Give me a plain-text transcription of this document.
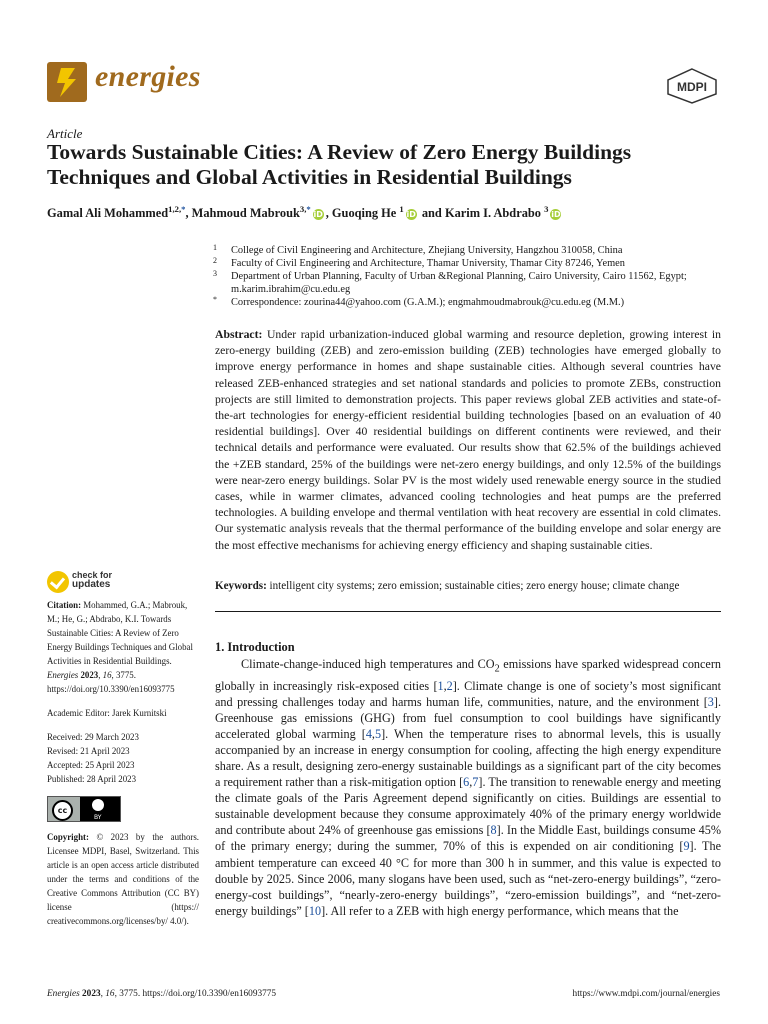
energies	MDPI
Article
Towards Sustainable Cities: A Review of Zero Energy Buildings Techniques and Global Activities in Residential Buildings
Gamal Ali Mohammed$^{1,2,*}$, Mahmoud Mabrouk$^{3,*}$iD , Guoqing He $^1$iD and Karim I. Abdrabo $^3$iD
1 College of Civil Engineering and Architecture, Zhejiang University, Hangzhou 310058, China
2 Faculty of Civil Engineering and Architecture, Thamar University, Thamar City 87246, Yemen
3 Department of Urban Planning, Faculty of Urban &Regional Planning, Cairo University, Cairo 11562, Egypt; m.karim.ibrahim@cu.edu.eg
* Correspondence: zourina44@yahoo.com (G.A.M.); engmahmoudmabrouk@cu.edu.eg (M.M.)
Abstract: Under rapid urbanization-induced global warming and resource depletion, growing interest in zero-energy building (ZEB) and zero-emission building (ZEB) technologies have emerged globally to improve energy performance in homes and shape sustainable cities. Although several countries have released ZEB-enhanced strategies and set national standards and policies to promote ZEBs, construction projects are still limited to demonstration projects. This paper reviews global ZEB activities and state-of-the-art technologies for energy-efficient residential building technologies [based on an evaluation of 40 residential buildings]. Over 40 residential buildings on different continents were reviewed, and their technical details and performance were evaluated. Our results show that 62.5% of the buildings achieved the +ZEB standard, 25% of the buildings were net-zero energy buildings, and only 12.5% of the buildings were near-zero energy buildings. Solar PV is the most widely used renewable energy source in the studied cases, while in warmer climates, advanced cooling technologies and heat pumps are the preferred technologies. A building envelope and thermal ventilation with heat recovery are essential in cold climates. Our systematic analysis reveals that the thermal performance of the building envelope and solar energy are the most effective mechanisms for achieving energy efficiency and shaping sustainable cities.
check for
updates	Keywords: intelligent city systems; zero emission; sustainable cities; zero energy house; climate change
Citation: Mohammed, G.A.; Mabrouk, M.; He, G.; Abdrabo, K.I. Towards Sustainable Cities: A Review of Zero Energy Buildings Techniques and Global Activities in Residential Buildings. Energies 2023, 16, 3775. https://doi.org/10.3390/en16093775
Academic Editor: Jarek Kurnitski

Received: 29 March 2023

Revised: 21 April 2023

Accepted: 25 April 2023

Published: 28 April 2023

cc
BY
Copyright: © 2023 by the authors. Licensee MDPI, Basel, Switzerland. This article is an open access article distributed under the terms and conditions of the Creative Commons Attribution (CC BY) license (https:// creativecommons.org/licenses/by/ 4.0/).
1. Introduction

Climate-change-induced high temperatures and $CO_2$ emissions have sparked widespread concern globally in increasingly risk-exposed cities [1,2]. Climate change is one of society’s most significant and pressing challenges today and harms human life, communities, nature, and the environment [3]. Greenhouse gas emissions (GHG) from fuel consumption to cool buildings have significantly accelerated global warming [4,5]. When the temperature rises to abnormal levels, this is usually accompanied by an increase in energy consumption for cooling, affecting the high energy expenditure share. As a result, designing zero-energy sustainable buildings as a significant part of the city becomes a requirement rather than a risk-mitigation option [6,7]. The transition to renewable energy and meeting the climate goals of the Paris Agreement depend significantly on cities. Buildings are essential to sustainable development because they consume approximately 40% of the primary energy worldwide and contribute about 24% of greenhouse gas emissions [8]. In the Middle East, buildings consume 45% of the primary energy; during the summer, 70% of this is expended on air conditioning [9]. The ambient temperature can exceed 40 °C for more than 300 h in summer, and this value is expected to double by 2025. Since 2006, many slogans have been used, such as “net-zero-energy buildings”, “zero-energy-cost buildings”, “nearly-zero-energy buildings”, “zero-emission buildings”, and “net-zero-energy buildings” [10]. All refer to a ZEB with high energy performance, which means that the

Energies 2023, 16, 3775. https://doi.org/10.3390/en16093775	https://www.mdpi.com/journal/energies
